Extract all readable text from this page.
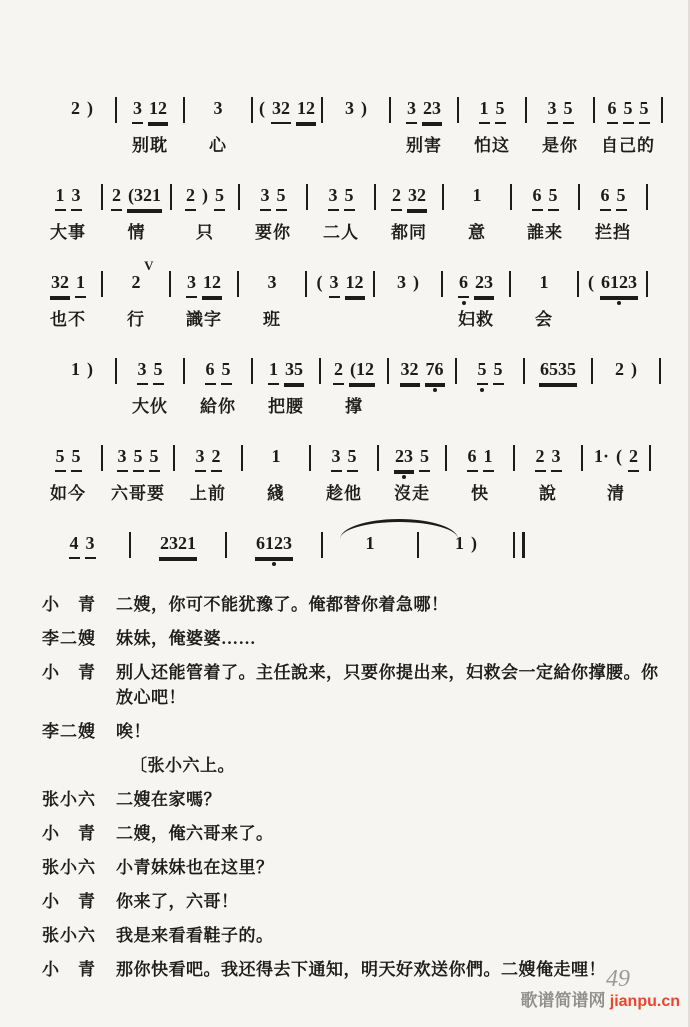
2 ) 3 12
别耽
3
心
( 32 12 3 ) 3 23
别害
1 5
怕这
3 5
是你
6 5 5
自己的
1 3
大事
2 (321
情
2 ) 5
只
3 5
要你
3 5
二人
2 32
都同
1
意
6 5
誰来
6 5
拦挡
32 1
也不
2 V
行
3 12
識字
3
班
( 3 12 3 ) 6 23
妇救
1
会
( 6123
1 ) 3 5
大伙
6 5
給你
1 35
把腰
2 (12
撑
32 76 5 5 6535 2 )
5 5
如今
3 5 5
六哥要
3 2
上前
1
綫
3 5
趁他
23 5
沒走
6 1
快
2 3
說
1· ( 2
清
4 3	2321	6123	1	1 )
小　青	二嫂，你可不能犹豫了。俺都替你着急哪！
李二嫂	妹妹，俺婆婆……
小　青	别人还能管着了。主任說来，只要你提出来，妇救会一定給你撑腰。你放心吧！
李二嫂	唉！
〔张小六上。
张小六	二嫂在家嗎？
小　青	二嫂，俺六哥来了。
张小六	小青妹妹也在这里？
小　青	你来了，六哥！
张小六	我是来看看鞋子的。
小　青	那你快看吧。我还得去下通知，明天好欢送你們。二嫂俺走哩！ 49
歌谱简谱网 jianpu.cn
